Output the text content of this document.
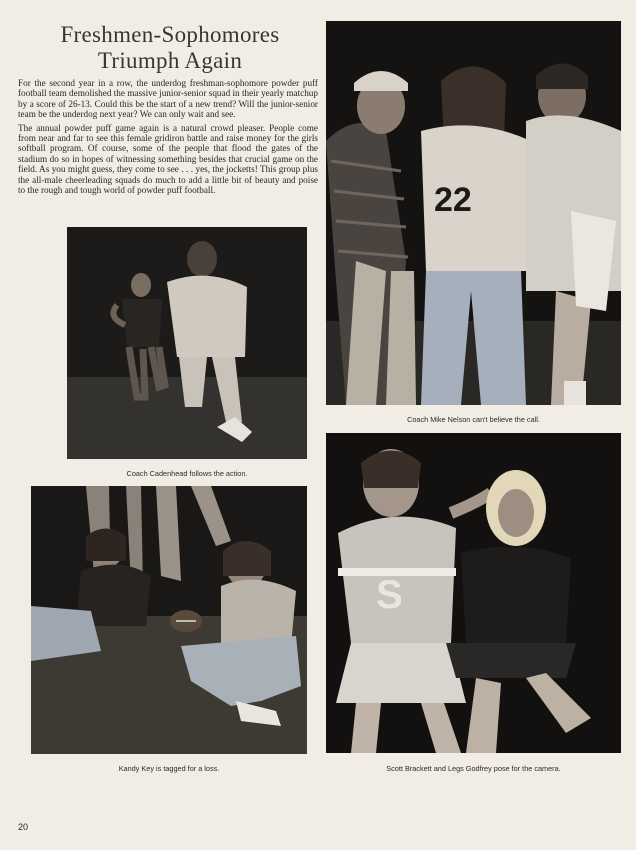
Freshmen-Sophomores
Triumph Again

For the second year in a row, the underdog freshman-sophomore powder puff football team demolished the massive junior-senior squad in their yearly matchup by a score of 26-13. Could this be the start of a new trend? Will the junior-senior team be the underdog next year? We can only wait and see.

The annual powder puff game again is a natural crowd pleaser. People come from near and far to see this female gridiron battle and raise money for the girls softball program. Of course, some of the people that flood the gates of the stadium do so in hopes of witnessing something besides that crucial game on the field. As you might guess, they come to see . . . yes, the jocketts! This group plus the all-male cheerleading squads do much to add a little bit of beauty and poise to the rough and tough world of powder puff football.	22
Coach Mike Nelson can't believe the call.
Coach Cadenhead follows the action.
S
Scott Brackett and Legs Godfrey pose for the camera.
Kandy Key is tagged for a loss.
20
